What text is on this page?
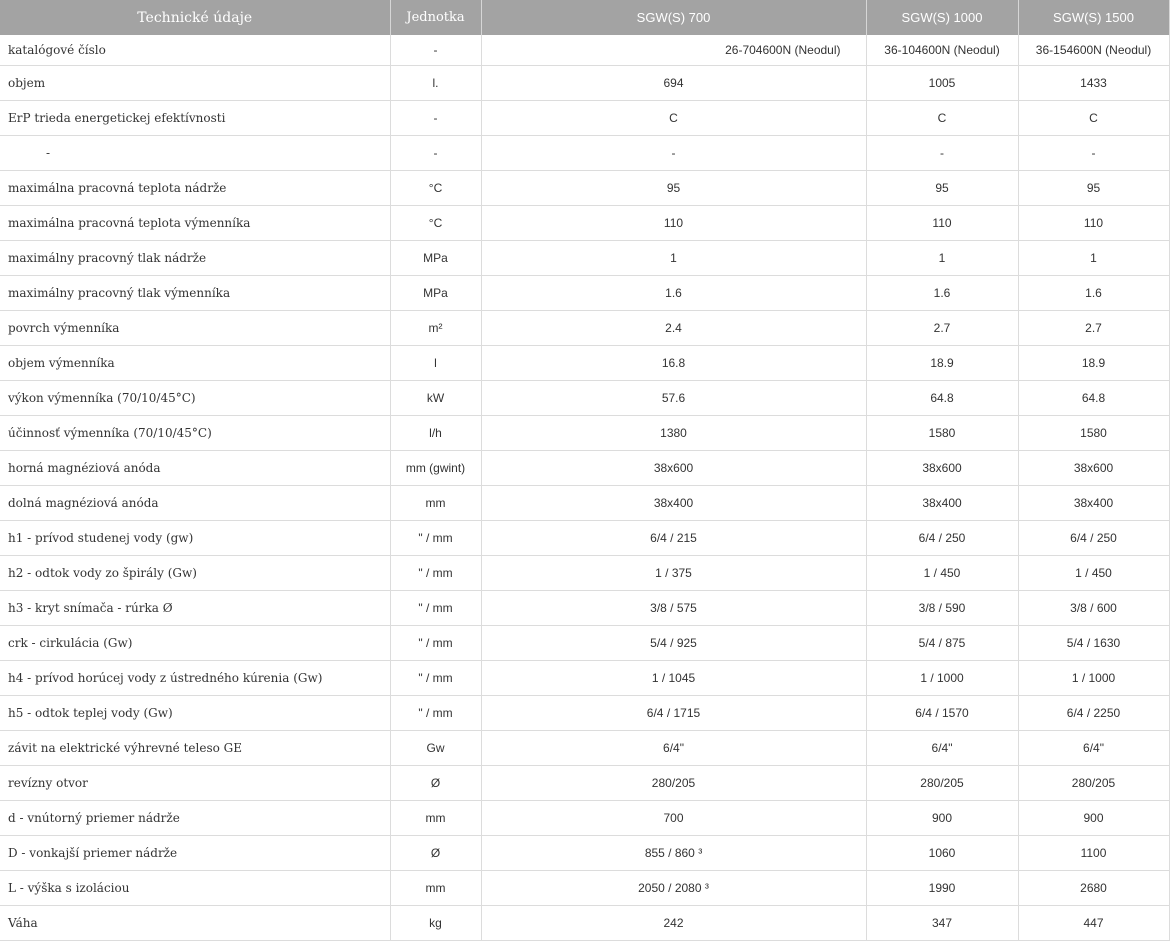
Technické údaje	Jednotka	SGW(S) 700	SGW(S) 1000	SGW(S) 1500
katalógové číslo	-	26-704600N (Neodul)	36-104600N (Neodul)	36-154600N (Neodul)
objem	l.	694	1005	1433
ErP trieda energetickej efektívnosti	-	C	C	C
-	-	-	-	-
maximálna pracovná teplota nádrže	°C	95	95	95
maximálna pracovná teplota výmenníka	°C	110	110	110
maximálny pracovný tlak nádrže	MPa	1	1	1
maximálny pracovný tlak výmenníka	MPa	1.6	1.6	1.6
povrch výmenníka	m²	2.4	2.7	2.7
objem výmenníka	l	16.8	18.9	18.9
výkon výmenníka (70/10/45°C)	kW	57.6	64.8	64.8
účinnosť výmenníka (70/10/45°C)	l/h	1380	1580	1580
horná magnéziová anóda	mm (gwint)	38x600	38x600	38x600
dolná magnéziová anóda	mm	38x400	38x400	38x400
h1 - prívod studenej vody (gw)	" / mm	6/4 / 215	6/4 / 250	6/4 / 250
h2 - odtok vody zo špirály (Gw)	" / mm	1 / 375	1 / 450	1 / 450
h3 - kryt snímača - rúrka Ø	" / mm	3/8 / 575	3/8 / 590	3/8 / 600
crk - cirkulácia (Gw)	" / mm	5/4 / 925	5/4 / 875	5/4 / 1630
h4 - prívod horúcej vody z ústredného kúrenia (Gw)	" / mm	1 / 1045	1 / 1000	1 / 1000
h5 - odtok teplej vody (Gw)	" / mm	6/4 / 1715	6/4 / 1570	6/4 / 2250
závit na elektrické výhrevné teleso GE	Gw	6/4"	6/4"	6/4"
revízny otvor	Ø	280/205	280/205	280/205
d - vnútorný priemer nádrže	mm	700	900	900
D - vonkajší priemer nádrže	Ø	855 / 860 ³	1060	1100
L - výška s izoláciou	mm	2050 / 2080 ³	1990	2680
Váha	kg	242	347	447
